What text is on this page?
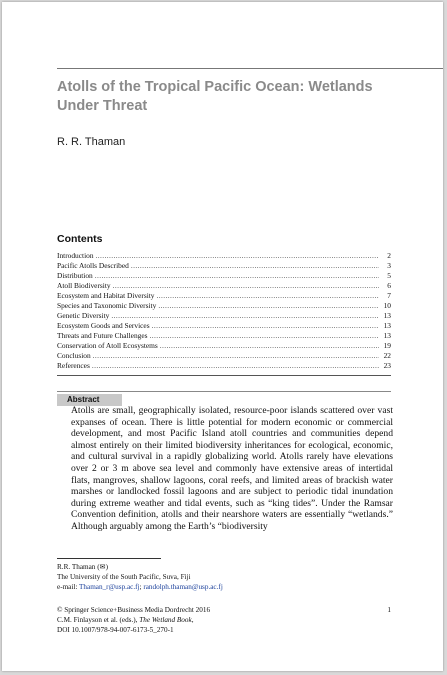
Atolls of the Tropical Pacific Ocean: Wetlands Under Threat
R. R. Thaman
Contents
Introduction .....	2
Pacific Atolls Described .....	3
Distribution .....	5
Atoll Biodiversity .....	6
Ecosystem and Habitat Diversity .....	7
Species and Taxonomic Diversity .....	10
Genetic Diversity .....	13
Ecosystem Goods and Services .....	13
Threats and Future Challenges .....	13
Conservation of Atoll Ecosystems .....	19
Conclusion .....	22
References .....	23
Abstract
Atolls are small, geographically isolated, resource-poor islands scattered over vast expanses of ocean. There is little potential for modern economic or commercial development, and most Pacific Island atoll countries and communities depend almost entirely on their limited biodiversity inheritances for ecological, economic, and cultural survival in a rapidly globalizing world. Atolls rarely have elevations over 2 or 3 m above sea level and commonly have extensive areas of intertidal flats, mangroves, shallow lagoons, coral reefs, and limited areas of brackish water marshes or landlocked fossil lagoons and are subject to periodic tidal inundation during extreme weather and tidal events, such as “king tides”. Under the Ramsar Convention definition, atolls and their nearshore waters are essentially “wetlands.” Although arguably among the Earth’s “biodiversity
R.R. Thaman (✉)
The University of the South Pacific, Suva, Fiji
e-mail: Thaman_r@usp.ac.fj; randolph.thaman@usp.ac.fj
© Springer Science+Business Media Dordrecht 2016
C.M. Finlayson et al. (eds.), The Wetland Book,
DOI 10.1007/978-94-007-6173-5_270-1
1
